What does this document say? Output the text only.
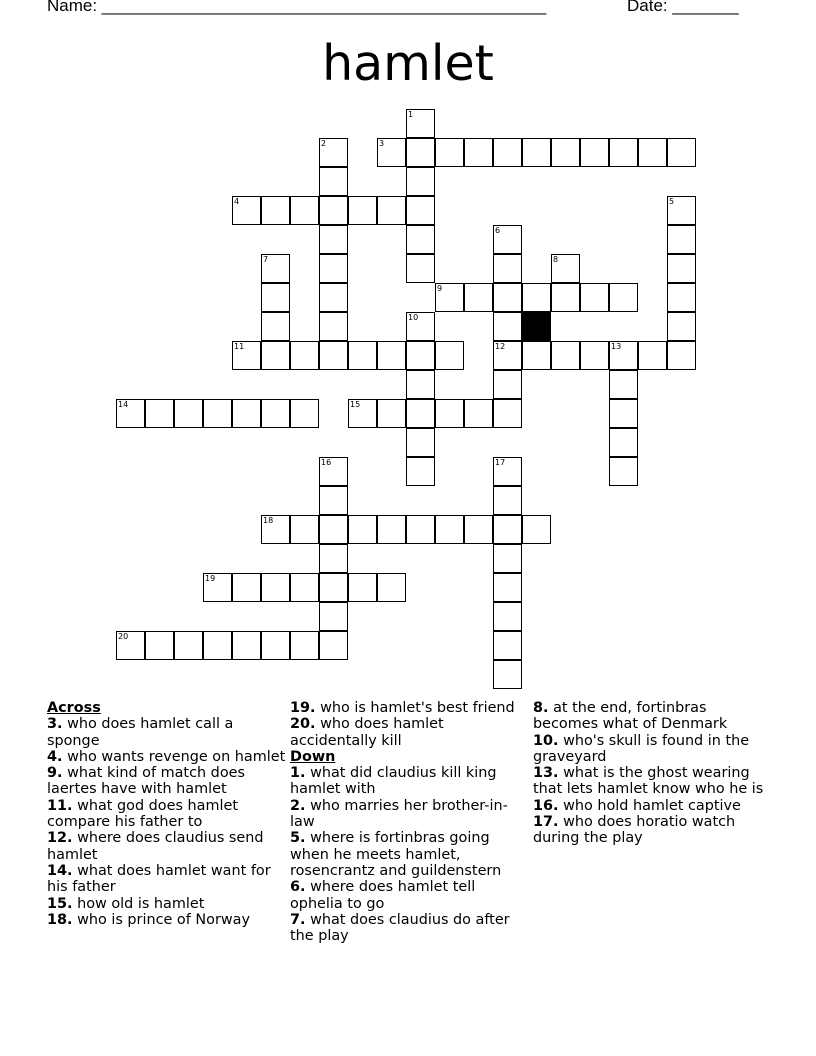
Name: _______________________________________________	Date: _______
hamlet
1
2	3
4	5
6
7	8
9
10
11	12	13
14	15
16	17
18
19
20

Across

3. who does hamlet call a sponge

4. who wants revenge on hamlet

9. what kind of match does laertes have with hamlet

11. what god does hamlet compare his father to

12. where does claudius send hamlet

14. what does hamlet want for his father

15. how old is hamlet

18. who is prince of Norway

19. who is hamlet's best friend

20. who does hamlet accidentally kill

Down

1. what did claudius kill king hamlet with

2. who marries her brother-in-law

5. where is fortinbras going when he meets hamlet, rosencrantz and guildenstern

6. where does hamlet tell ophelia to go

7. what does claudius do after the play

8. at the end, fortinbras becomes what of Denmark

10. who's skull is found in the graveyard

13. what is the ghost wearing that lets hamlet know who he is

16. who hold hamlet captive

17. who does horatio watch during the play
